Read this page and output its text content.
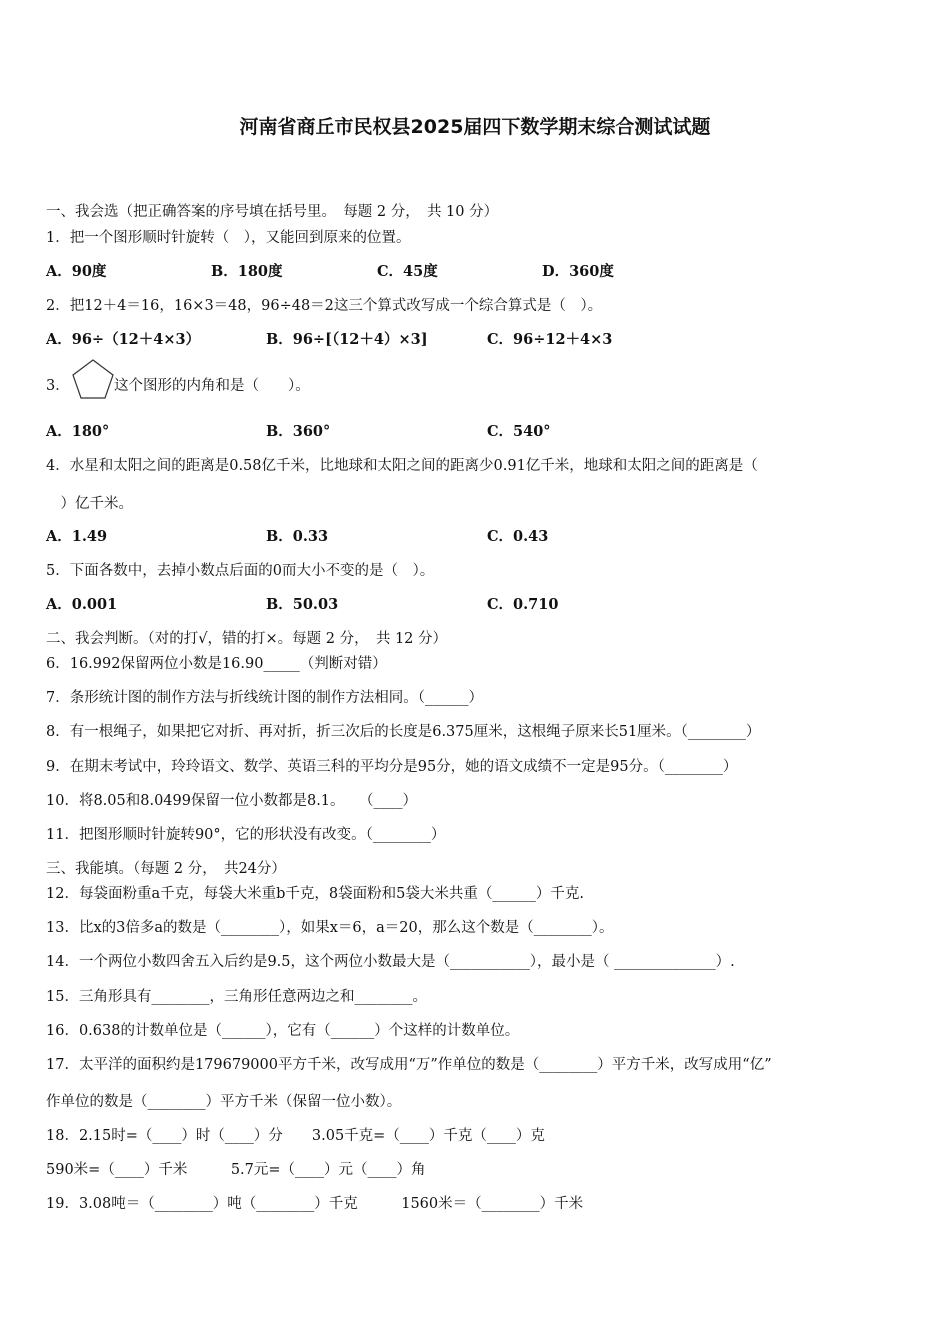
河南省商丘市民权县2025届四下数学期末综合测试试题
一、我会选（把正确答案的序号填在括号里。　每题 2 分，　共 10 分）
1．把一个图形顺时针旋转（　），又能回到原来的位置。
A．90度	B．180度	C．45度	D．360度
2．把12＋4＝16，16×3＝48，96÷48＝2这三个算式改写成一个综合算式是（　）。
A．96÷（12＋4×3）	B．96÷[（12＋4）×3]	C．96÷12＋4×3
3．	这个图形的内角和是（　　）。
A．180°	B．360°	C．540°
4．水星和太阳之间的距离是0.58亿千米，比地球和太阳之间的距离少0.91亿千米，地球和太阳之间的距离是（
　）亿千米。
A．1.49	B．0.33	C．0.43
5．下面各数中，去掉小数点后面的0而大小不变的是（　）。
A．0.001	B．50.03	C．0.710
二、我会判断。（对的打√，错的打×。每题 2 分，　共 12 分）
6．16.992保留两位小数是16.90_____（判断对错）
7．条形统计图的制作方法与折线统计图的制作方法相同。（______）
8．有一根绳子，如果把它对折、再对折，折三次后的长度是6.375厘米，这根绳子原来长51厘米。（________）
9．在期末考试中，玲玲语文、数学、英语三科的平均分是95分，她的语文成绩不一定是95分。（________）
10．将8.05和8.0499保留一位小数都是8.1。　　（____）
11．把图形顺时针旋转90°，它的形状没有改变。（________）
三、我能填。（每题 2 分，　共24分）
12．每袋面粉重a千克，每袋大米重b千克，8袋面粉和5袋大米共重（______）千克.
13．比x的3倍多a的数是（________），如果x＝6，a＝20，那么这个数是（________）。
14．一个两位小数四舍五入后约是9.5，这个两位小数最大是（___________），最小是（ ______________）.
15．三角形具有________，三角形任意两边之和________。
16．0.638的计数单位是（______），它有（______）个这样的计数单位。
17．太平洋的面积约是179679000平方千米，改写成用“万”作单位的数是（________）平方千米，改写成用“亿”
作单位的数是（________）平方千米（保留一位小数）。
18．2.15时=（____）时（____）分　　3.05千克=（____）千克（____）克
590米=（____）千米　　　5.7元=（____）元（____）角
19．3.08吨＝（________）吨（________）千克　　　1560米＝（________）千米
